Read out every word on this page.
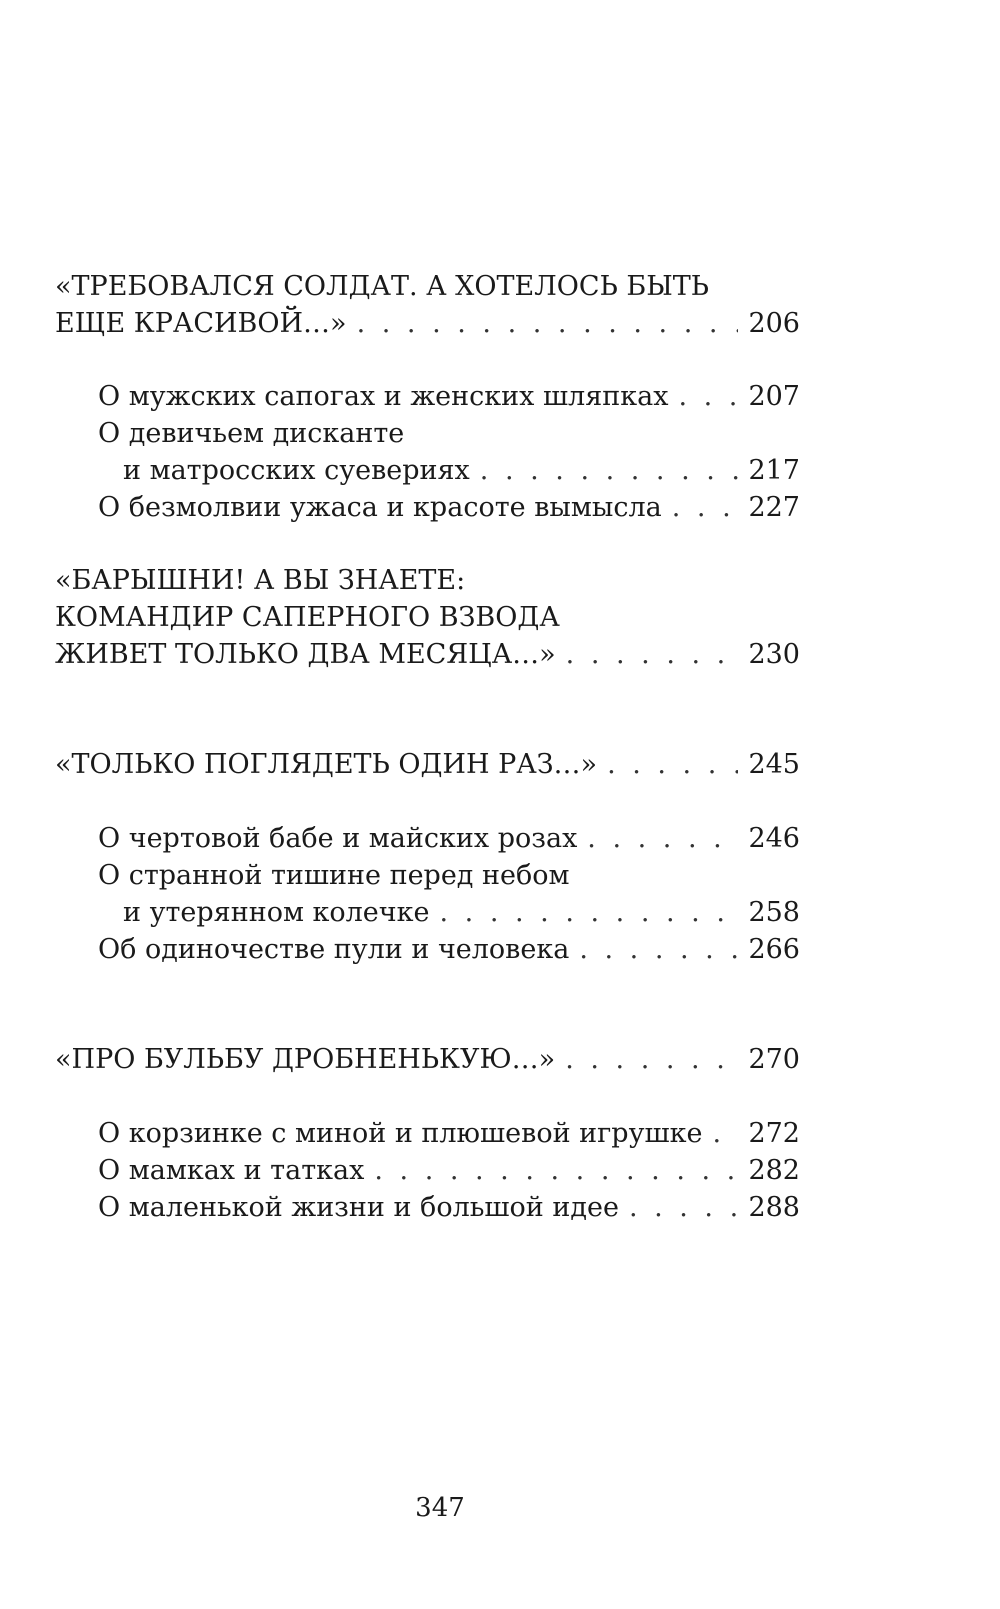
«ТРЕБОВАЛСЯ СОЛДАТ. А ХОТЕЛОСЬ БЫТЬ
ЕЩЕ КРАСИВОЙ…» . . .	206
О мужских сапогах и женских шляпках . . .	207
О девичьем дисканте
и матросских суевериях . . .	217
О безмолвии ужаса и красоте вымысла . . .	227
«БАРЫШНИ! А ВЫ ЗНАЕТЕ:
КОМАНДИР САПЕРНОГО ВЗВОДА
ЖИВЕТ ТОЛЬКО ДВА МЕСЯЦА…» . . .	230
«ТОЛЬКО ПОГЛЯДЕТЬ ОДИН РАЗ…» . . .	245
О чертовой бабе и майских розах . . .	246
О странной тишине перед небом
и утерянном колечке . . .	258
Об одиночестве пули и человека . . .	266
«ПРО БУЛЬБУ ДРОБНЕНЬКУЮ…» . . .	270
О корзинке с миной и плюшевой игрушке . . . 272
О мамках и татках . . .	282
О маленькой жизни и большой идее . . .	288
347
